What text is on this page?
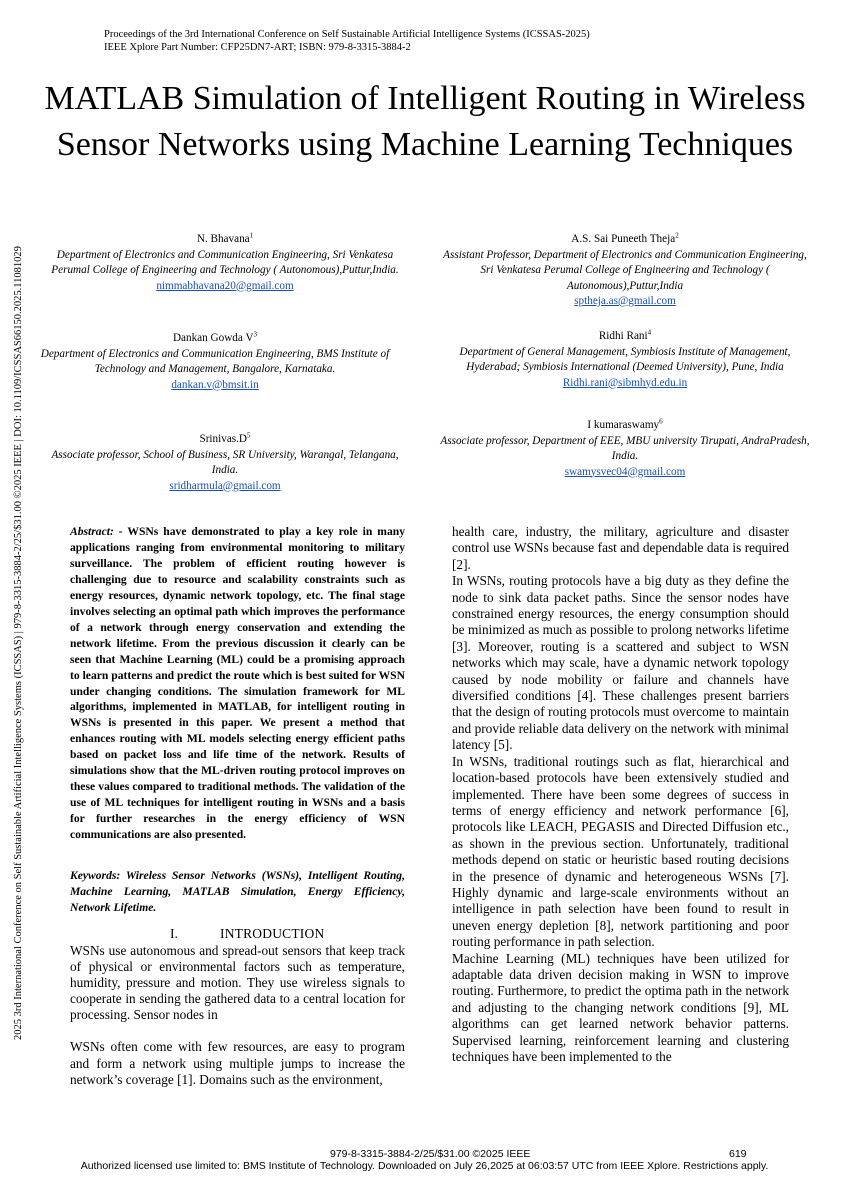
Proceedings of the 3rd International Conference on Self Sustainable Artificial Intelligence Systems (ICSSAS-2025)
IEEE Xplore Part Number: CFP25DN7-ART; ISBN: 979-8-3315-3884-2
2025 3rd International Conference on Self Sustainable Artificial Intelligence Systems (ICSSAS) | 979-8-3315-3884-2/25/$31.00 ©2025 IEEE | DOI: 10.1109/ICSSAS66150.2025.11081029
MATLAB Simulation of Intelligent Routing in Wireless Sensor Networks using Machine Learning Techniques
N. Bhavana$^1$
Department of Electronics and Communication Engineering, Sri Venkatesa Perumal College of Engineering and Technology ( Autonomous),Puttur,India.
nimmabhavana20@gmail.com
A.S. Sai Puneeth Theja$^2$
Assistant Professor, Department of Electronics and Communication Engineering, Sri Venkatesa Perumal College of Engineering and Technology ( Autonomous),Puttur,India
sptheja.as@gmail.com
Dankan Gowda $V^3$
Department of Electronics and Communication Engineering, BMS Institute of Technology and Management, Bangalore, Karnataka.
dankan.v@bmsit.in
Ridhi Rani$^4$
Department of General Management, Symbiosis Institute of Management, Hyderabad; Symbiosis International (Deemed University), Pune, India
Ridhi.rani@sibmhyd.edu.in
$Srinivas.D^5$
Associate professor, School of Business, SR University, Warangal, Telangana, India.
sridharmula@gmail.com
I kumaraswamy$^6$
Associate professor, Department of EEE, MBU university Tirupati, AndraPradesh, India.
swamysvec04@gmail.com
Abstract: - WSNs have demonstrated to play a key role in many applications ranging from environmental monitoring to military surveillance. The problem of efficient routing however is challenging due to resource and scalability constraints such as energy resources, dynamic network topology, etc. The final stage involves selecting an optimal path which improves the performance of a network through energy conservation and extending the network lifetime. From the previous discussion it clearly can be seen that Machine Learning (ML) could be a promising approach to learn patterns and predict the route which is best suited for WSN under changing conditions. The simulation framework for ML algorithms, implemented in MATLAB, for intelligent routing in WSNs is presented in this paper. We present a method that enhances routing with ML models selecting energy efficient paths based on packet loss and life time of the network. Results of simulations show that the ML-driven routing protocol improves on these values compared to traditional methods. The validation of the use of ML techniques for intelligent routing in WSNs and a basis for further researches in the energy efficiency of WSN communications are also presented.
Keywords: Wireless Sensor Networks (WSNs), Intelligent Routing, Machine Learning, MATLAB Simulation, Energy Efficiency, Network Lifetime.
I.	INTRODUCTION

WSNs use autonomous and spread-out sensors that keep track of physical or environmental factors such as temperature, humidity, pressure and motion. They use wireless signals to cooperate in sending the gathered data to a central location for processing. Sensor nodes in

WSNs often come with few resources, are easy to program and form a network using multiple jumps to increase the network’s coverage [1]. Domains such as the environment,

health care, industry, the military, agriculture and disaster control use WSNs because fast and dependable data is required [2].

In WSNs, routing protocols have a big duty as they define the node to sink data packet paths. Since the sensor nodes have constrained energy resources, the energy consumption should be minimized as much as possible to prolong networks lifetime [3]. Moreover, routing is a scattered and subject to WSN networks which may scale, have a dynamic network topology caused by node mobility or failure and channels have diversified conditions [4]. These challenges present barriers that the design of routing protocols must overcome to maintain and provide reliable data delivery on the network with minimal latency [5].

In WSNs, traditional routings such as flat, hierarchical and location-based protocols have been extensively studied and implemented. There have been some degrees of success in terms of energy efficiency and network performance [6], protocols like LEACH, PEGASIS and Directed Diffusion etc., as shown in the previous section. Unfortunately, traditional methods depend on static or heuristic based routing decisions in the presence of dynamic and heterogeneous WSNs [7]. Highly dynamic and large-scale environments without an intelligence in path selection have been found to result in uneven energy depletion [8], network partitioning and poor routing performance in path selection.

Machine Learning (ML) techniques have been utilized for adaptable data driven decision making in WSN to improve routing. Furthermore, to predict the optima path in the network and adjusting to the changing network conditions [9], ML algorithms can get learned network behavior patterns. Supervised learning, reinforcement learning and clustering techniques have been implemented to the

979-8-3315-3884-2/25/$31.00 ©2025 IEEE	619
Authorized licensed use limited to: BMS Institute of Technology. Downloaded on July 26,2025 at 06:03:57 UTC from IEEE Xplore. Restrictions apply.
